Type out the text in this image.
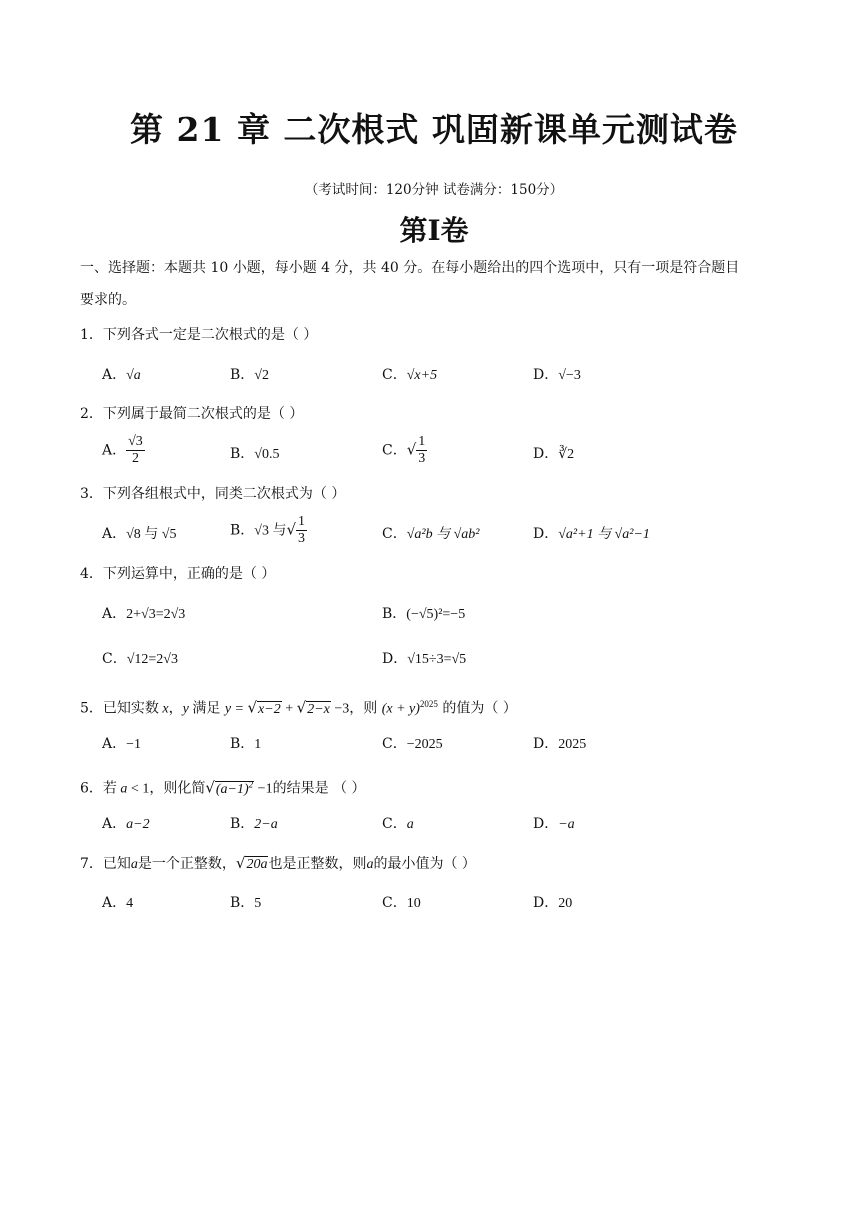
第 21 章 二次根式 巩固新课单元测试卷
（考试时间：120分钟 试卷满分：150分）
第I卷
一、选择题：本题共 10 小题，每小题 4 分，共 40 分。在每小题给出的四个选项中，只有一项是符合题目
要求的。
1．下列各式一定是二次根式的是（ ）
A．√a	B．√2	C．√x+5	D．√−3
2．下列属于最简二次根式的是（ ）
A． $\frac{√3}{2}$	B．√0.5	C．√ $\frac{1}{3}$	D．∛2
3．下列各组根式中，同类二次根式为（ ）
A．√8 与 √5	B．√3 与√ $\frac{1}{3}$	C．√a²b 与 √ab²	D．√a²+1 与 √a²−1
4．下列运算中，正确的是（ ）
A．2+√3=2√3	B．(−√5)²=−5
C．√12=2√3	D．√15÷3=√5
5．已知实数 x，y 满足 y = √x−2 + √2−x −3，则 $(x + y)^{2025}$ 的值为（ ）
A．−1	B．1	C．−2025	D．2025
6．若 a < 1，则化简$√(a-1)^2 -1$的结果是 （ ）
A．a−2	B．2−a	C．a	D．−a
7．已知a是一个正整数，√20a也是正整数，则a的最小值为（ ）
A．4	B．5	C．10	D．20
